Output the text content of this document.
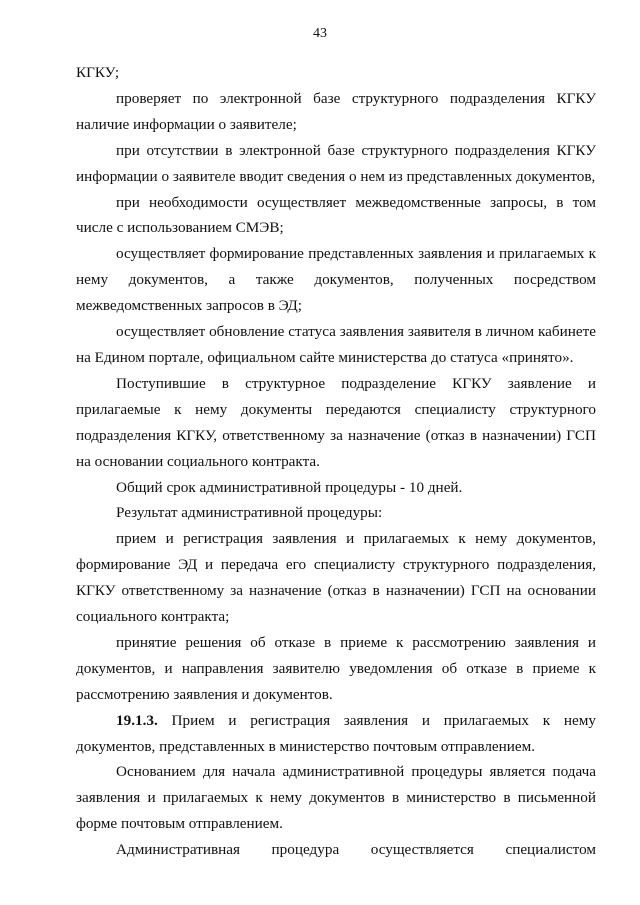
43

КГКУ;

проверяет по электронной базе структурного подразделения КГКУ наличие информации о заявителе;

при отсутствии в электронной базе структурного подразделения КГКУ информации о заявителе вводит сведения о нем из представленных документов,

при необходимости осуществляет межведомственные запросы, в том числе с использованием СМЭВ;

осуществляет формирование представленных заявления и прилагаемых к нему документов, а также документов, полученных посредством межведомственных запросов в ЭД;

осуществляет обновление статуса заявления заявителя в личном кабинете на Едином портале, официальном сайте министерства до статуса «принято».

Поступившие в структурное подразделение КГКУ заявление и прилагаемые к нему документы передаются специалисту структурного подразделения КГКУ, ответственному за назначение (отказ в назначении) ГСП на основании социального контракта.

Общий срок административной процедуры - 10 дней.

Результат административной процедуры:

прием и регистрация заявления и прилагаемых к нему документов, формирование ЭД и передача его специалисту структурного подразделения, КГКУ ответственному за назначение (отказ в назначении) ГСП на основании социального контракта;

принятие решения об отказе в приеме к рассмотрению заявления и документов, и направления заявителю уведомления об отказе в приеме к рассмотрению заявления и документов.

19.1.3. Прием и регистрация заявления и прилагаемых к нему документов, представленных в министерство почтовым отправлением.

Основанием для начала административной процедуры является подача заявления и прилагаемых к нему документов в министерство в письменной форме почтовым отправлением.

Административная процедура осуществляется специалистом
